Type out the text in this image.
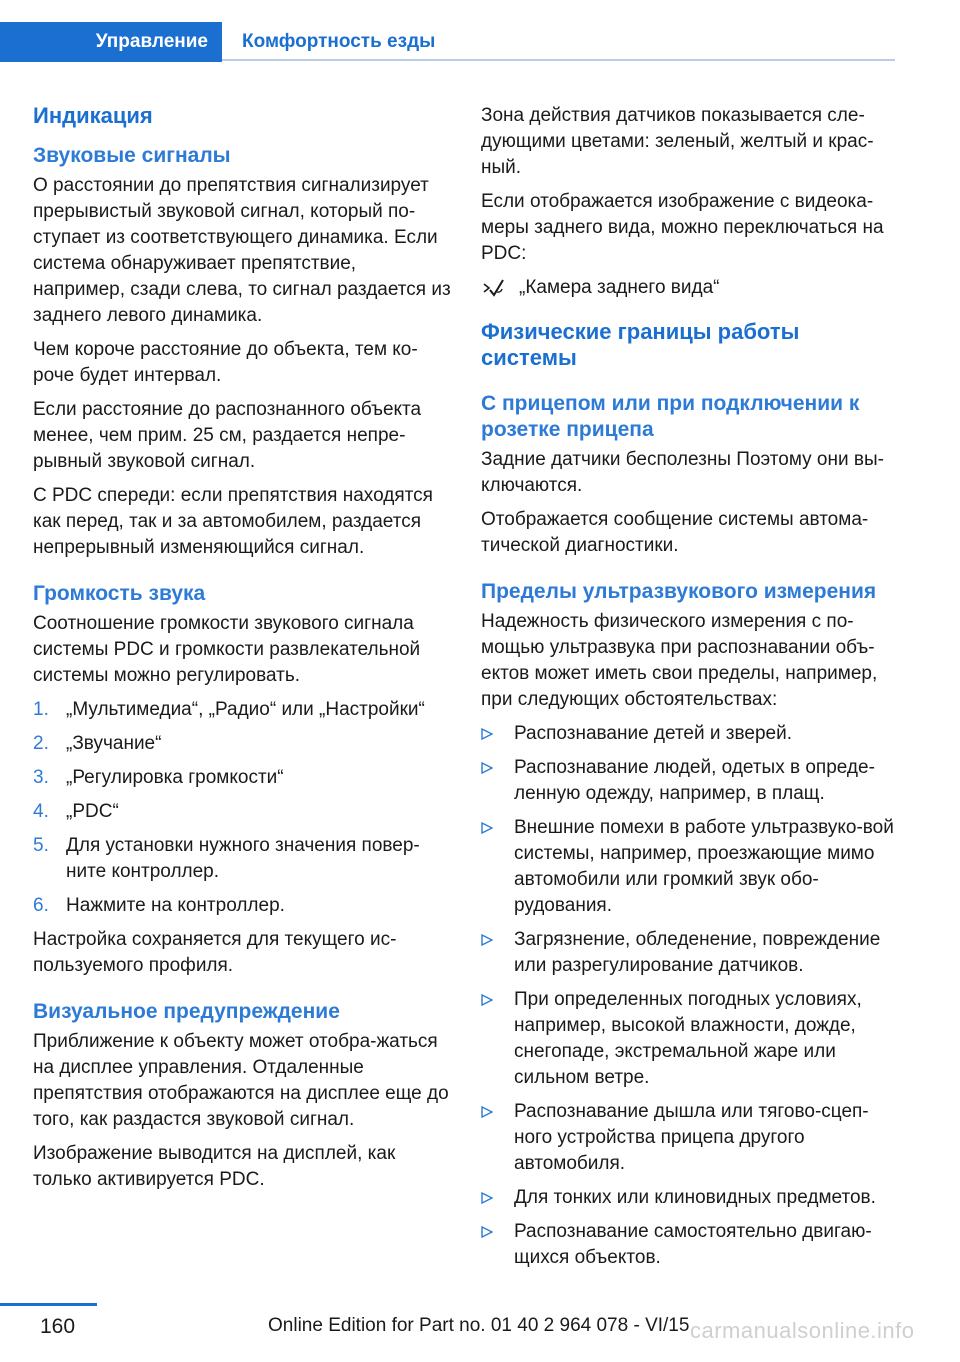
Управление	Комфортность езды
Индикация
Звуковые сигналы

О расстоянии до препятствия сигнализирует прерывистый звуковой сигнал, который по-ступает из соответствующего динамика. Если система обнаруживает препятствие, например, сзади слева, то сигнал раздается из заднего левого динамика.

Чем короче расстояние до объекта, тем ко-роче будет интервал.

Если расстояние до распознанного объекта менее, чем прим. 25 см, раздается непре-рывный звуковой сигнал.

С PDC спереди: если препятствия находятся как перед, так и за автомобилем, раздается непрерывный изменяющийся сигнал.

Громкость звука

Соотношение громкости звукового сигнала системы PDC и громкости развлекательной системы можно регулировать.

1. „Мультимедиа“, „Радио“ или „Настройки“
2. „Звучание“
3. „Регулировка громкости“
4. „PDC“
5. Для установки нужного значения повер-ните контроллер.
6. Нажмите на контроллер.

Настройка сохраняется для текущего ис-пользуемого профиля.

Визуальное предупреждение

Приближение к объекту может отобра-жаться на дисплее управления. Отдаленные препятствия отображаются на дисплее еще до того, как раздастся звуковой сигнал.

Изображение выводится на дисплей, как только активируется PDC.

Зона действия датчиков показывается сле-дующими цветами: зеленый, желтый и крас-ный.

Если отображается изображение с видеока-меры заднего вида, можно переключаться на PDC:

„Камера заднего вида“
Физические границы работы системы
С прицепом или при подключении к розетке прицепа

Задние датчики бесполезны Поэтому они вы-ключаются.

Отображается сообщение системы автома-тической диагностики.

Пределы ультразвукового измерения

Надежность физического измерения с по-мощью ультразвука при распознавании объ-ектов может иметь свои пределы, например, при следующих обстоятельствах:

Распознавание детей и зверей.
Распознавание людей, одетых в опреде-ленную одежду, например, в плащ.
Внешние помехи в работе ультразвуко-вой системы, например, проезжающие мимо автомобили или громкий звук обо-рудования.
Загрязнение, обледенение, повреждение или разрегулирование датчиков.
При определенных погодных условиях, например, высокой влажности, дожде, снегопаде, экстремальной жаре или сильном ветре.
Распознавание дышла или тягово-сцеп-ного устройства прицепа другого автомобиля.
Для тонких или клиновидных предметов.
Распознавание самостоятельно двигаю-щихся объектов.
160	Online Edition for Part no. 01 40 2 964 078 - VI/15 carmanualsonline.info
